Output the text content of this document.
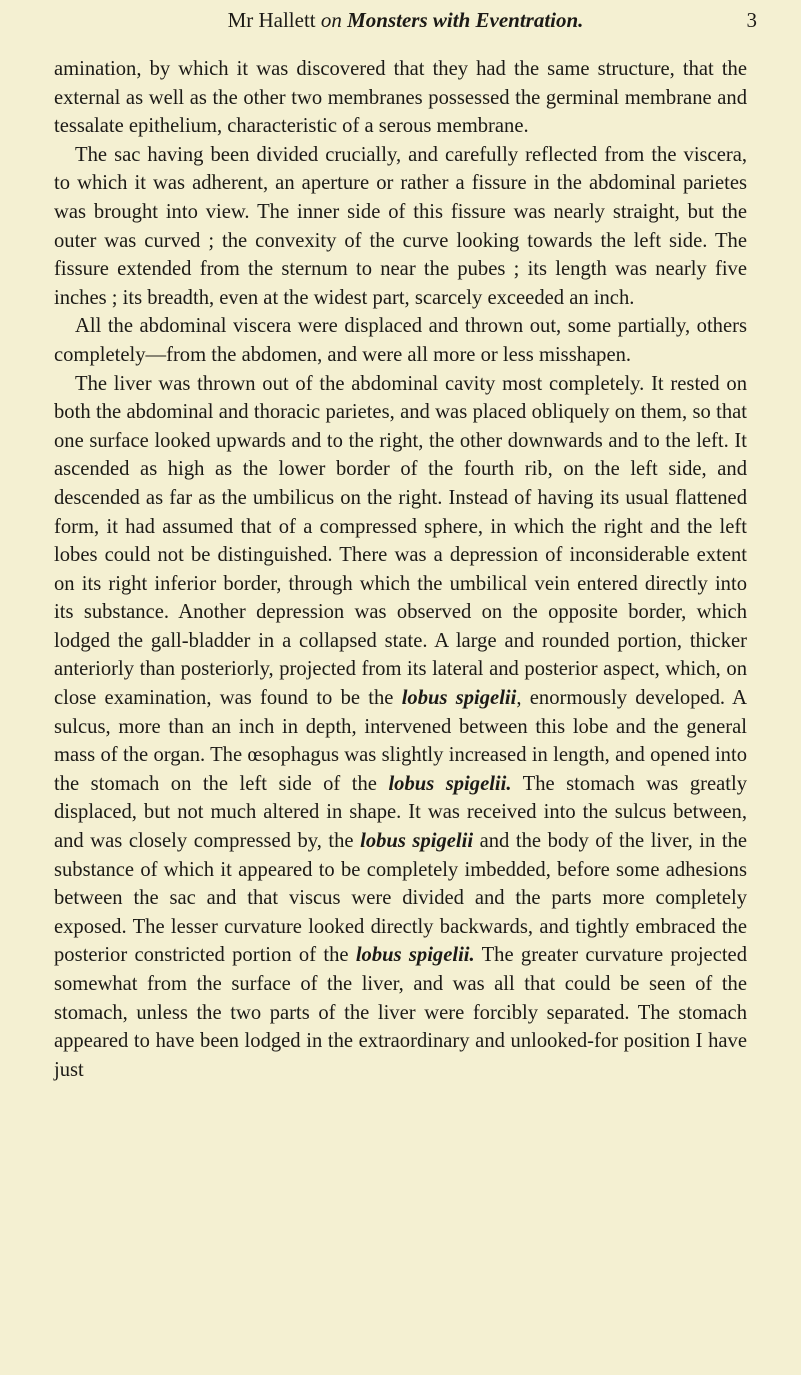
Mr Hallett on Monsters with Eventration.	3

amination, by which it was discovered that they had the same structure, that the external as well as the other two membranes possessed the germinal membrane and tessalate epithelium, characteristic of a serous membrane.

The sac having been divided crucially, and carefully reflected from the viscera, to which it was adherent, an aperture or rather a fissure in the abdominal parietes was brought into view. The inner side of this fissure was nearly straight, but the outer was curved ; the convexity of the curve looking towards the left side. The fissure extended from the sternum to near the pubes ; its length was nearly five inches ; its breadth, even at the widest part, scarcely exceeded an inch.

All the abdominal viscera were displaced and thrown out, some partially, others completely—from the abdomen, and were all more or less misshapen.

The liver was thrown out of the abdominal cavity most completely. It rested on both the abdominal and thoracic parietes, and was placed obliquely on them, so that one surface looked upwards and to the right, the other downwards and to the left. It ascended as high as the lower border of the fourth rib, on the left side, and descended as far as the umbilicus on the right. Instead of having its usual flattened form, it had assumed that of a compressed sphere, in which the right and the left lobes could not be distinguished. There was a depression of inconsiderable extent on its right inferior border, through which the umbilical vein entered directly into its substance. Another depression was observed on the opposite border, which lodged the gall-bladder in a collapsed state. A large and rounded portion, thicker anteriorly than posteriorly, projected from its lateral and posterior aspect, which, on close examination, was found to be the lobus spigelii, enormously developed. A sulcus, more than an inch in depth, intervened between this lobe and the general mass of the organ. The œsophagus was slightly increased in length, and opened into the stomach on the left side of the lobus spigelii. The stomach was greatly displaced, but not much altered in shape. It was received into the sulcus between, and was closely compressed by, the lobus spigelii and the body of the liver, in the substance of which it appeared to be completely imbedded, before some adhesions between the sac and that viscus were divided and the parts more completely exposed. The lesser curvature looked directly backwards, and tightly embraced the posterior constricted portion of the lobus spigelii. The greater curvature projected somewhat from the surface of the liver, and was all that could be seen of the stomach, unless the two parts of the liver were forcibly separated. The stomach appeared to have been lodged in the extraordinary and unlooked-for position I have just
